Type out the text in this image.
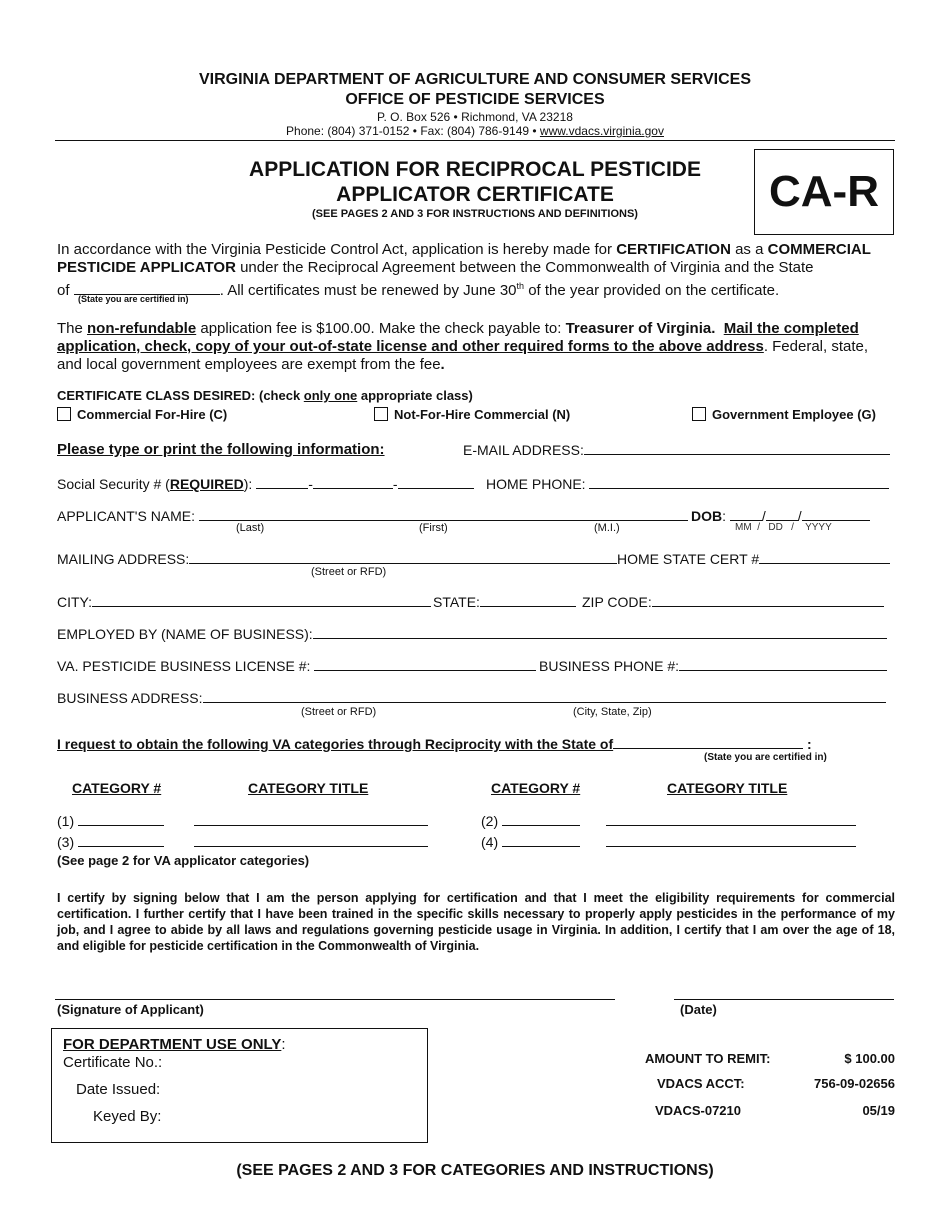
VIRGINIA DEPARTMENT OF AGRICULTURE AND CONSUMER SERVICES
OFFICE OF PESTICIDE SERVICES
P. O. Box 526 • Richmond, VA 23218
Phone: (804) 371-0152 • Fax: (804) 786-9149 • www.vdacs.virginia.gov
APPLICATION FOR RECIPROCAL PESTICIDE
APPLICATOR CERTIFICATE
(SEE PAGES 2 AND 3 FOR INSTRUCTIONS AND DEFINITIONS)	CA-R
In accordance with the Virginia Pesticide Control Act, application is hereby made for CERTIFICATION as a COMMERCIAL
PESTICIDE APPLICATOR under the Reciprocal Agreement between the Commonwealth of Virginia and the State
of	. All certificates must be renewed by June 30th of the year provided on the certificate.
(State you are certified in)
The non-refundable application fee is $100.00. Make the check payable to: Treasurer of Virginia. Mail the completed
application, check, copy of your out-of-state license and other required forms to the above address. Federal, state,
and local government employees are exempt from the fee.
CERTIFICATE CLASS DESIRED: (check only one appropriate class)
Commercial For-Hire (C)	Not-For-Hire Commercial (N)	Government Employee (G)
Please type or print the following information:	E-MAIL ADDRESS:
Social Security # (REQUIRED):	-	-	HOME PHONE:
APPLICANT'S NAME:
(Last)	(First)	(M.I.)
DOB: / /
MM / DD / YYYY
MAILING ADDRESS:
(Street or RFD)
HOME STATE CERT #
CITY:	STATE:	ZIP CODE:
EMPLOYED BY (NAME OF BUSINESS):
VA. PESTICIDE BUSINESS LICENSE #:	BUSINESS PHONE #:
BUSINESS ADDRESS:
(Street or RFD)	(City, State, Zip)
I request to obtain the following VA categories through Reciprocity with the State of	:
(State you are certified in)
CATEGORY #	CATEGORY TITLE	CATEGORY #	CATEGORY TITLE
(1)	(2)
(3)	(4)
(See page 2 for VA applicator categories)
I certify by signing below that I am the person applying for certification and that I meet the eligibility requirements for commercial certification. I further certify that I have been trained in the specific skills necessary to properly apply pesticides in the performance of my job, and I agree to abide by all laws and regulations governing pesticide usage in Virginia. In addition, I certify that I am over the age of 18, and eligible for pesticide certification in the Commonwealth of Virginia.
(Signature of Applicant)	(Date)
FOR DEPARTMENT USE ONLY:
Certificate No.:
Date Issued:
Keyed By:
AMOUNT TO REMIT:	$ 100.00
VDACS ACCT:	756-09-02656
VDACS-07210	05/19
(SEE PAGES 2 AND 3 FOR CATEGORIES AND INSTRUCTIONS)
